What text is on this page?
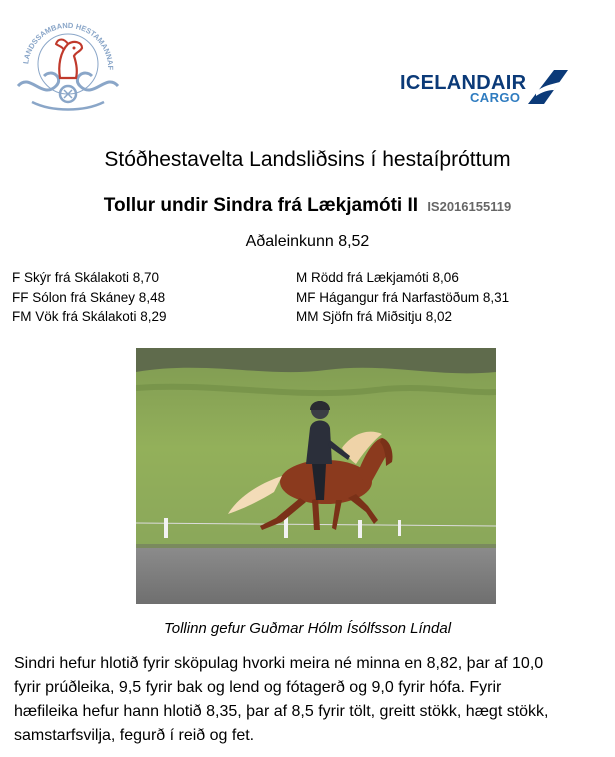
LANDSSAMBAND HESTAMANNAF
ICELANDAIR
CARGO
Stóðhestavelta Landsliðsins í hestaíþróttum
Tollur undir Sindra frá Lækjamóti II IS2016155119
Aðaleinkunn 8,52
F Skýr frá Skálakoti 8,70
FF Sólon frá Skáney 8,48
FM Vök frá Skálakoti 8,29
M Rödd frá Lækjamóti 8,06
MF Hágangur frá Narfastöðum 8,31
MM Sjöfn frá Miðsitju 8,02
Tollinn gefur Guðmar Hólm Ísólfsson Líndal
Sindri hefur hlotið fyrir sköpulag hvorki meira né minna en 8,82, þar af 10,0
fyrir prúðleika, 9,5 fyrir bak og lend og fótagerð og 9,0 fyrir hófa. Fyrir
hæfileika hefur hann hlotið 8,35, þar af 8,5 fyrir tölt, greitt stökk, hægt stökk,
samstarfsvilja, fegurð í reið og fet.
